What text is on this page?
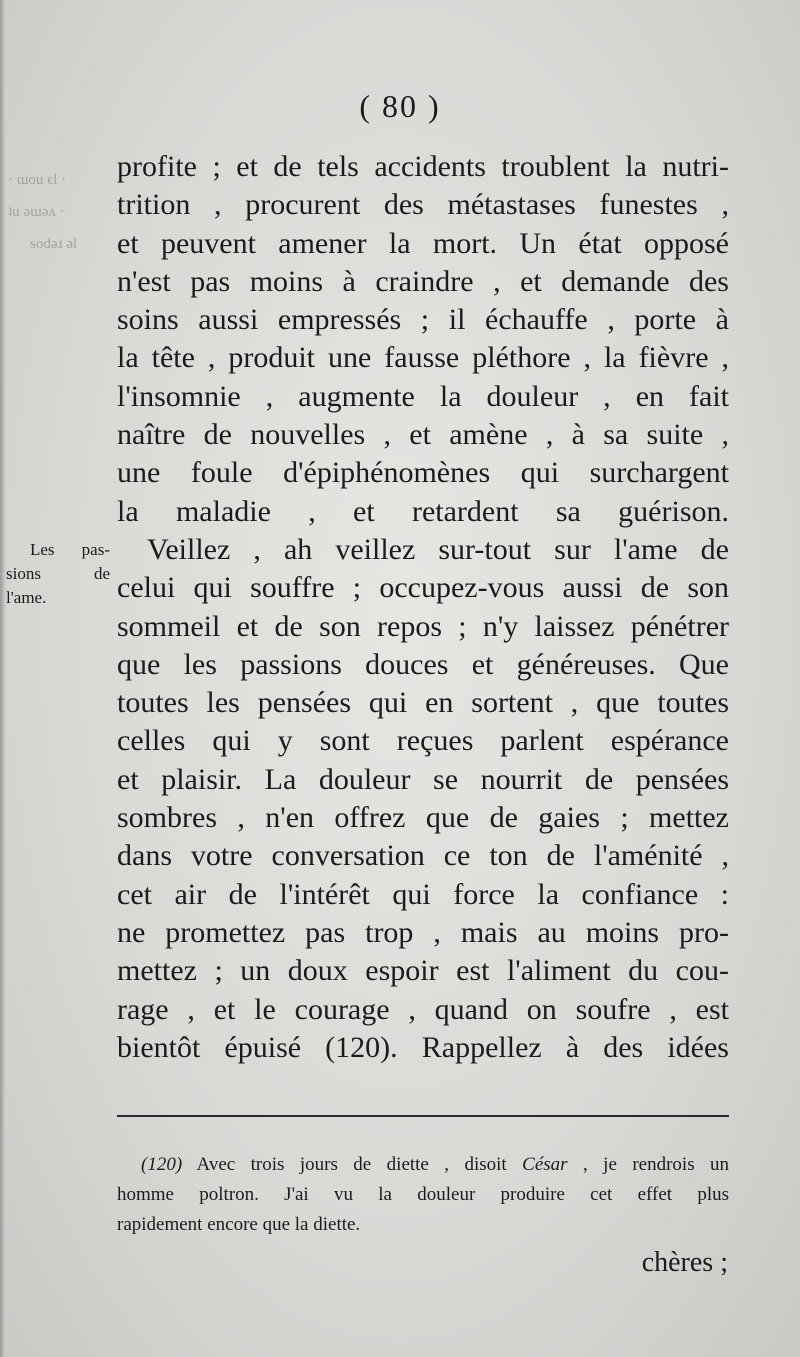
· ɯou ϵl ·
ʇu ǝɯǝʌ ·
sodǝɹ ǝl
( 80 )
profite ; et de tels accidents troublent la nutri-
trition , procurent des métastases funestes ,
et peuvent amener la mort. Un état opposé
n'est pas moins à craindre , et demande des
soins aussi empressés ; il échauffe , porte à
la tête , produit une fausse pléthore , la fièvre ,
l'insomnie , augmente la douleur , en fait
naître de nouvelles , et amène , à sa suite ,
une foule d'épiphénomènes qui surchargent
la maladie , et retardent sa guérison.
Veillez , ah veillez sur-tout sur l'ame de
celui qui souffre ; occupez-vous aussi de son
sommeil et de son repos ; n'y laissez pénétrer
que les passions douces et généreuses. Que
toutes les pensées qui en sortent , que toutes
celles qui y sont reçues parlent espérance
et plaisir. La douleur se nourrit de pensées
sombres , n'en offrez que de gaies ; mettez
dans votre conversation ce ton de l'aménité ,
cet air de l'intérêt qui force la confiance :
ne promettez pas trop , mais au moins pro-
mettez ; un doux espoir est l'aliment du cou-
rage , et le courage , quand on soufre , est
bientôt épuisé (120). Rappellez à des idées
Les pas-
sions de
l'ame.
(120) Avec trois jours de diette , disoit César , je rendrois un
homme poltron. J'ai vu la douleur produire cet effet plus
rapidement encore que la diette.
chères ;
